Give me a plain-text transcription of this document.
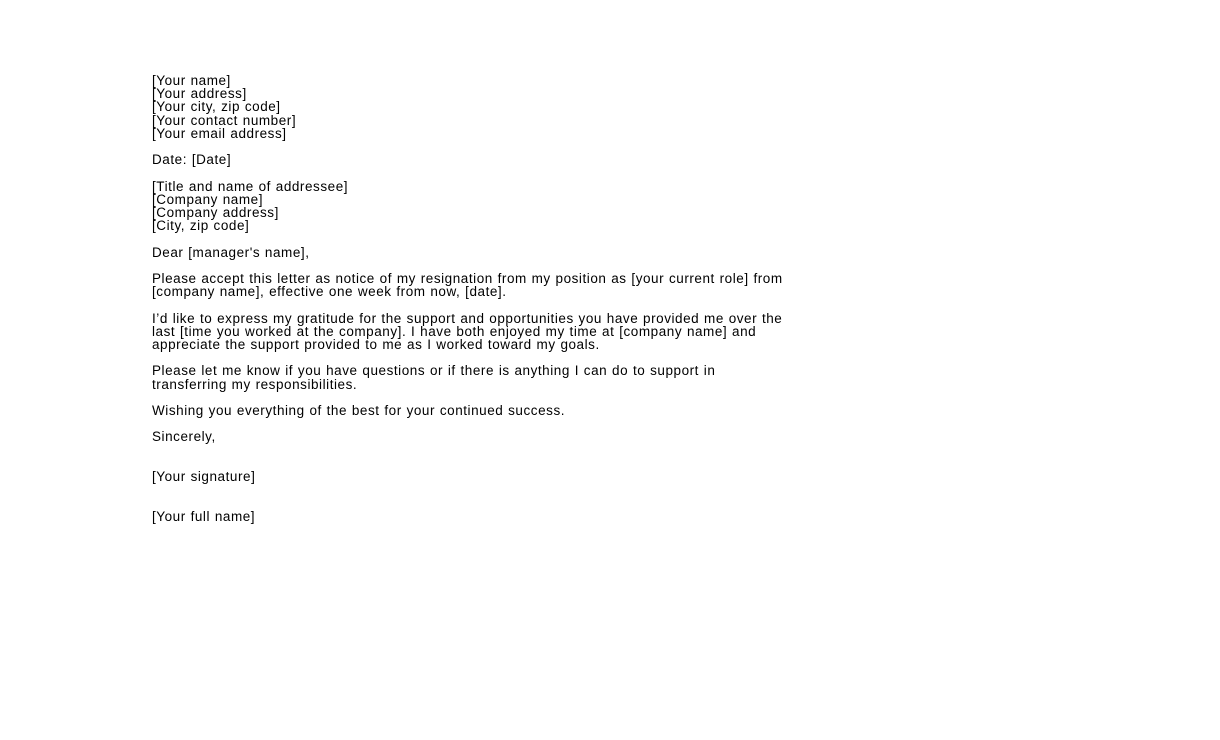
[Your name]
[Your address]
[Your city, zip code]
[Your contact number]
[Your email address]
Date: [Date]
[Title and name of addressee]
[Company name]
[Company address]
[City, zip code]
Dear [manager's name],
Please accept this letter as notice of my resignation from my position as [your current role] from
[company name], effective one week from now, [date].
I’d like to express my gratitude for the support and opportunities you have provided me over the
last [time you worked at the company]. I have both enjoyed my time at [company name] and
appreciate the support provided to me as I worked toward my goals.
Please let me know if you have questions or if there is anything I can do to support in
transferring my responsibilities.
Wishing you everything of the best for your continued success.
Sincerely,
[Your signature]
[Your full name]
